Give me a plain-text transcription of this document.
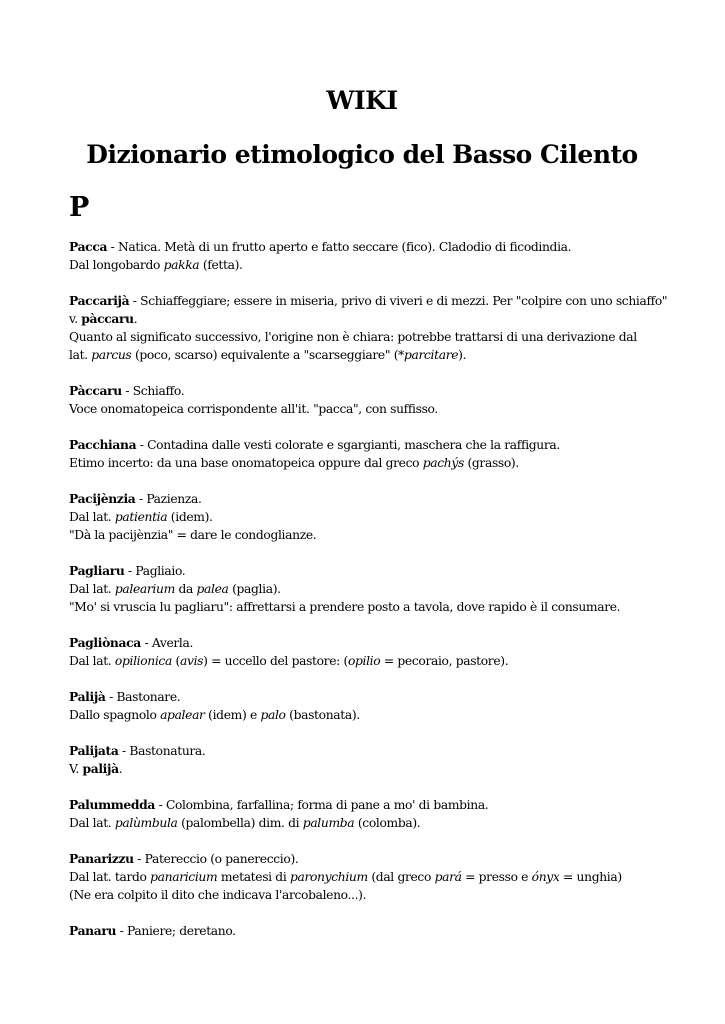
WIKI
Dizionario etimologico del Basso Cilento
P
Pacca - Natica. Metà di un frutto aperto e fatto seccare (fico). Cladodio di ficodindia.
Dal longobardo pakka (fetta).
Paccarijà - Schiaffeggiare; essere in miseria, privo di viveri e di mezzi. Per "colpire con uno schiaffo"
v. pàccaru.
Quanto al significato successivo, l'origine non è chiara: potrebbe trattarsi di una derivazione dal
lat. parcus (poco, scarso) equivalente a "scarseggiare" (*parcitare).
Pàccaru - Schiaffo.
Voce onomatopeica corrispondente all'it. "pacca", con suffisso.
Pacchiana - Contadina dalle vesti colorate e sgargianti, maschera che la raffigura.
Etimo incerto: da una base onomatopeica oppure dal greco pachýs (grasso).
Pacijènzia - Pazienza.
Dal lat. patientia (idem).
"Dà la pacijènzia" = dare le condoglianze.
Pagliaru - Pagliaio.
Dal lat. palearium da palea (paglia).
"Mo' si vruscia lu pagliaru": affrettarsi a prendere posto a tavola, dove rapido è il consumare.
Pagliònaca - Averla.
Dal lat. opilionica (avis) = uccello del pastore: (opilio = pecoraio, pastore).
Palijà - Bastonare.
Dallo spagnolo apalear (idem) e palo (bastonata).
Palijata - Bastonatura.
V. palijà.
Palummedda - Colombina, farfallina; forma di pane a mo' di bambina.
Dal lat. palùmbula (palombella) dim. di palumba (colomba).
Panarizzu - Patereccio (o panereccio).
Dal lat. tardo panaricium metatesi di paronychium (dal greco pará = presso e ónyx = unghia)
(Ne era colpito il dito che indicava l'arcobaleno...).
Panaru - Paniere; deretano.
